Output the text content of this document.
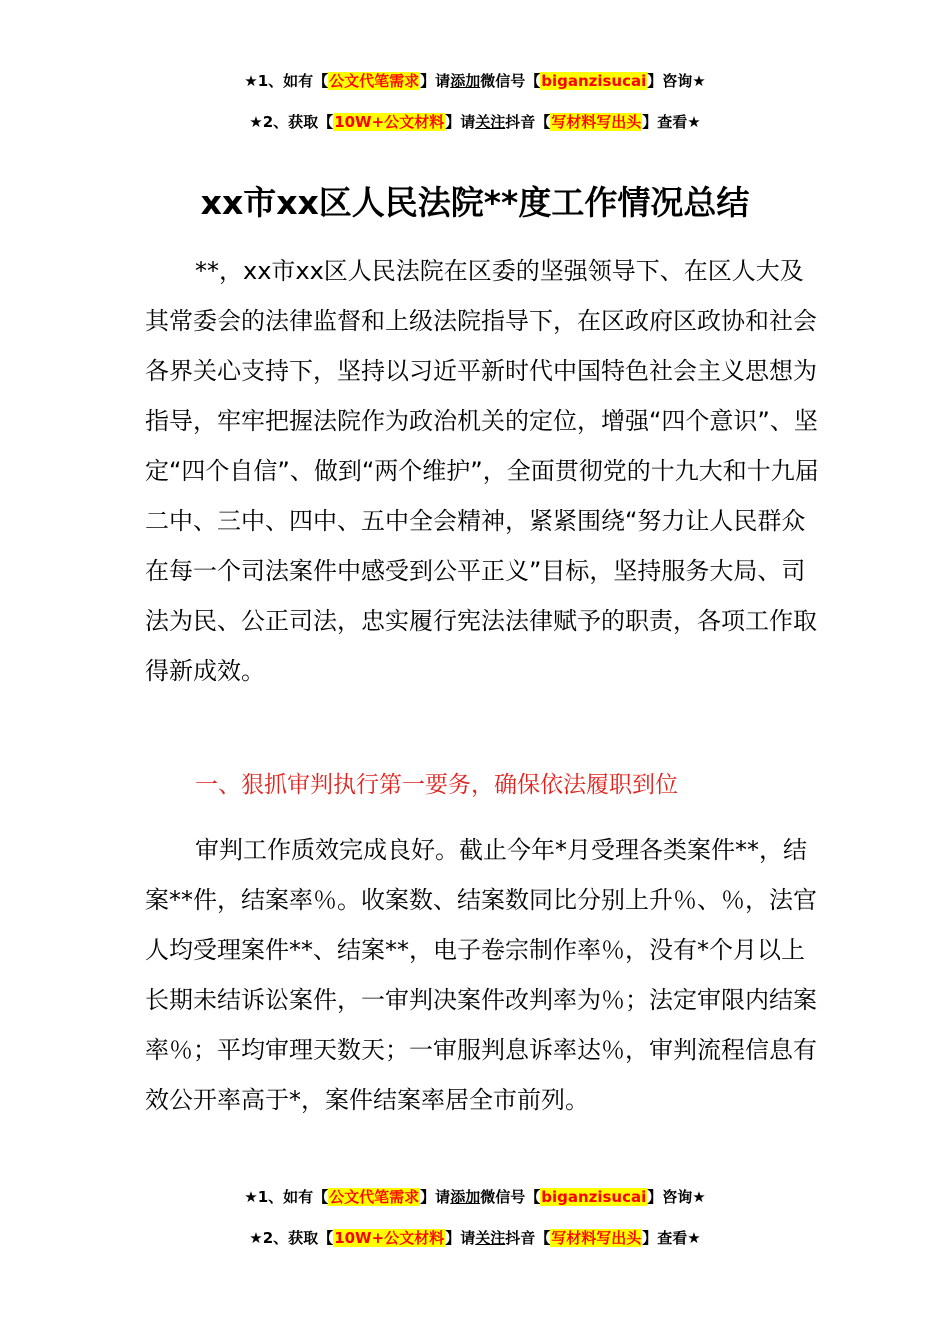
★1、如有【公文代笔需求】请添加微信号【biganzisucai】咨询★
★2、获取【10W+公文材料】请关注抖音【写材料写出头】查看★
xx市xx区人民法院**度工作情况总结

**，xx市xx区人民法院在区委的坚强领导下、在区人大及其常委会的法律监督和上级法院指导下，在区政府区政协和社会各界关心支持下，坚持以习近平新时代中国特色社会主义思想为指导，牢牢把握法院作为政治机关的定位，增强“四个意识”、坚定“四个自信”、做到“两个维护”，全面贯彻党的十九大和十九届二中、三中、四中、五中全会精神，紧紧围绕“努力让人民群众在每一个司法案件中感受到公平正义”目标，坚持服务大局、司法为民、公正司法，忠实履行宪法法律赋予的职责，各项工作取得新成效。

一、狠抓审判执行第一要务，确保依法履职到位

审判工作质效完成良好。截止今年*月受理各类案件**，结案**件，结案率％。收案数、结案数同比分别上升％、％，法官人均受理案件**、结案**，电子卷宗制作率％，没有*个月以上长期未结诉讼案件，一审判决案件改判率为％；法定审限内结案率％；平均审理天数天；一审服判息诉率达％，审判流程信息有效公开率高于*，案件结案率居全市前列。

★1、如有【公文代笔需求】请添加微信号【biganzisucai】咨询★
★2、获取【10W+公文材料】请关注抖音【写材料写出头】查看★
